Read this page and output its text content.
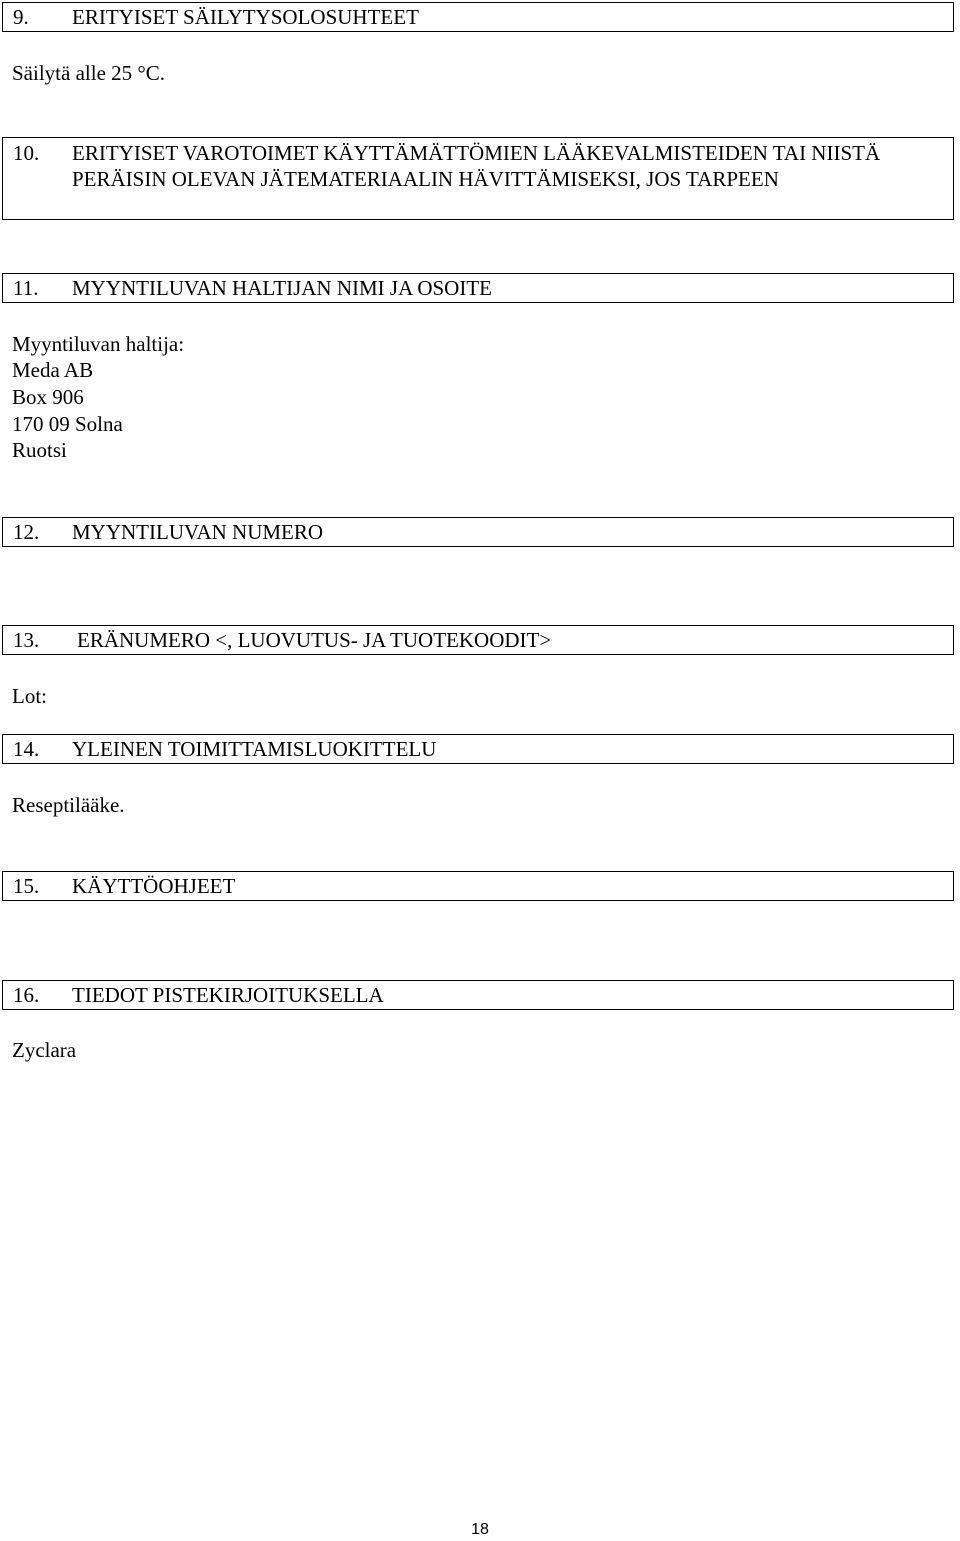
9. ERITYISET SÄILYTYSOLOSUHTEET
Säilytä alle 25 °C.
10. ERITYISET VAROTOIMET KÄYTTÄMÄTTÖMIEN LÄÄKEVALMISTEIDEN TAI NIISTÄ PERÄISIN OLEVAN JÄTEMATERIAALIN HÄVITTÄMISEKSI, JOS TARPEEN
11. MYYNTILUVAN HALTIJAN NIMI JA OSOITE
Myyntiluvan haltija:
Meda AB
Box 906
170 09 Solna
Ruotsi
12. MYYNTILUVAN NUMERO
13. ERÄNUMERO <, LUOVUTUS- JA TUOTEKOODIT>
Lot:
14. YLEINEN TOIMITTAMISLUOKITTELU
Reseptilääke.
15. KÄYTTÖOHJEET
16. TIEDOT PISTEKIRJOITUKSELLA
Zyclara
18
